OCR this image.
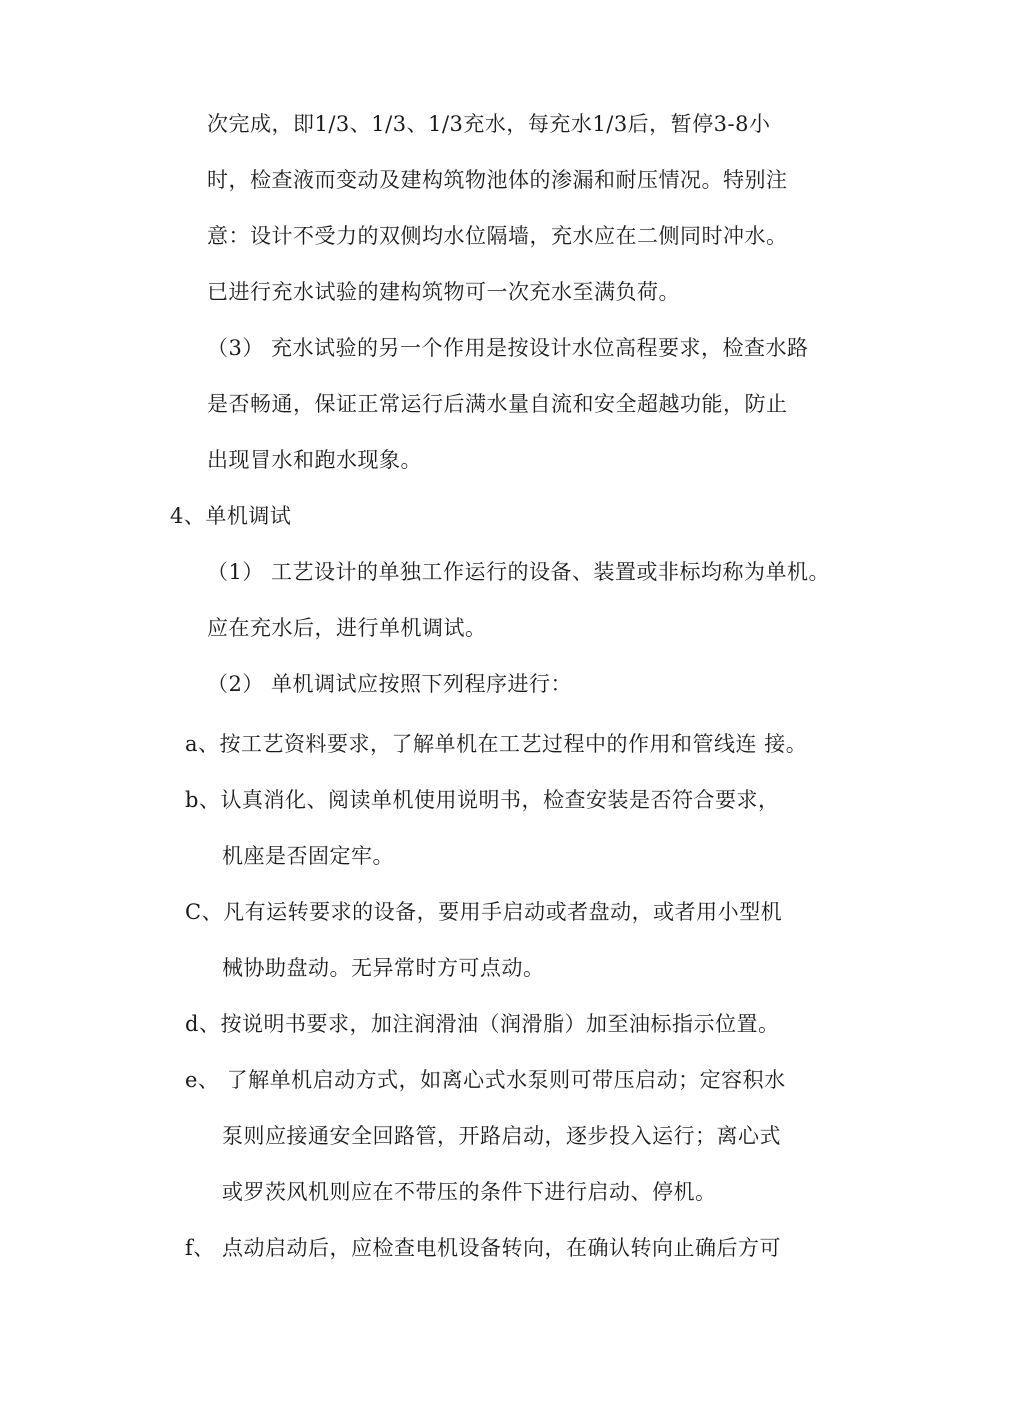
次完成，即1/3、1/3、1/3充水，每充水1/3后，暂停3-8小
时，检查液而变动及建构筑物池体的渗漏和耐压情况。特别注
意：设计不受力的双侧均水位隔墙，充水应在二侧同时冲水。
已进行充水试验的建构筑物可一次充水至满负荷。
（3） 充水试验的另一个作用是按设计水位高程要求，检查水路
是否畅通，保证正常运行后满水量自流和安全超越功能，防止
出现冒水和跑水现象。
4、单机调试
（1） 工艺设计的单独工作运行的设备、装置或非标均称为单机。
应在充水后，进行单机调试。
（2） 单机调试应按照下列程序进行：
a、按工艺资料要求，了解单机在工艺过程中的作用和管线连 接。
b、认真消化、阅读单机使用说明书，检查安装是否符合要求，
机座是否固定牢。
C、凡有运转要求的设备，要用手启动或者盘动，或者用小型机
械协助盘动。无异常时方可点动。
d、按说明书要求，加注润滑油（润滑脂）加至油标指示位置。
e、 了解单机启动方式，如离心式水泵则可带压启动；定容积水
泵则应接通安全回路管，开路启动，逐步投入运行；离心式
或罗茨风机则应在不带压的条件下进行启动、停机。
f、 点动启动后，应检查电机设备转向，在确认转向止确后方可
